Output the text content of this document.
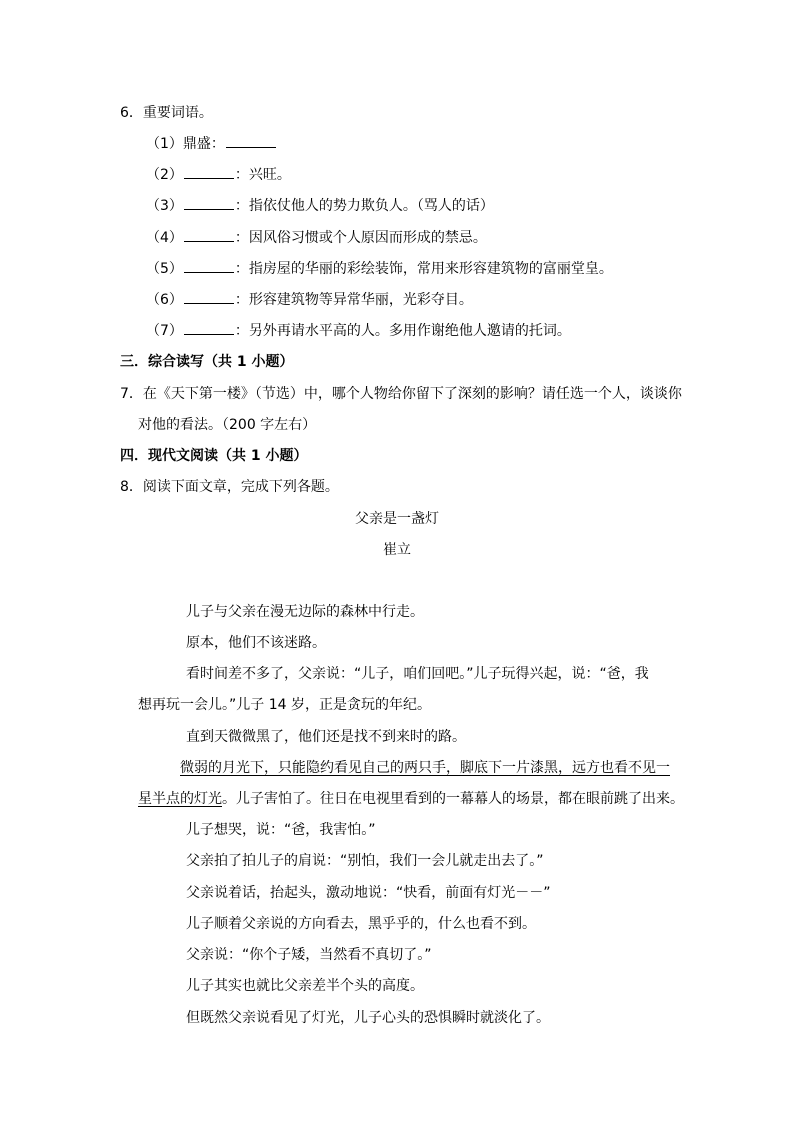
6．重要词语。
（1）鼎盛：
（2）	：兴旺。
（3）	：指依仗他人的势力欺负人。（骂人的话）
（4）	：因风俗习惯或个人原因而形成的禁忌。
（5）	：指房屋的华丽的彩绘装饰，常用来形容建筑物的富丽堂皇。
（6）	：形容建筑物等异常华丽，光彩夺目。
（7）	：另外再请水平高的人。多用作谢绝他人邀请的托词。
三．综合读写（共 1 小题）
7．在《天下第一楼》（节选）中，哪个人物给你留下了深刻的影响？请任选一个人，谈谈你
对他的看法。（200 字左右）
四．现代文阅读（共 1 小题）
8．阅读下面文章，完成下列各题。
父亲是一盏灯
崔立
儿子与父亲在漫无边际的森林中行走。
原本，他们不该迷路。
看时间差不多了，父亲说：“儿子，咱们回吧。”儿子玩得兴起，说：“爸，我
想再玩一会儿。”儿子 14 岁，正是贪玩的年纪。
直到天微微黑了，他们还是找不到来时的路。
微弱的月光下，只能隐约看见自己的两只手，脚底下一片漆黑，远方也看不见一
星半点的灯光。儿子害怕了。往日在电视里看到的一幕幕人的场景，都在眼前跳了出来。
儿子想哭，说：“爸，我害怕。”
父亲拍了拍儿子的肩说：“别怕，我们一会儿就走出去了。”
父亲说着话，抬起头，激动地说：“快看，前面有灯光－－”
儿子顺着父亲说的方向看去，黑乎乎的，什么也看不到。
父亲说：“你个子矮，当然看不真切了。”
儿子其实也就比父亲差半个头的高度。
但既然父亲说看见了灯光，儿子心头的恐惧瞬时就淡化了。
